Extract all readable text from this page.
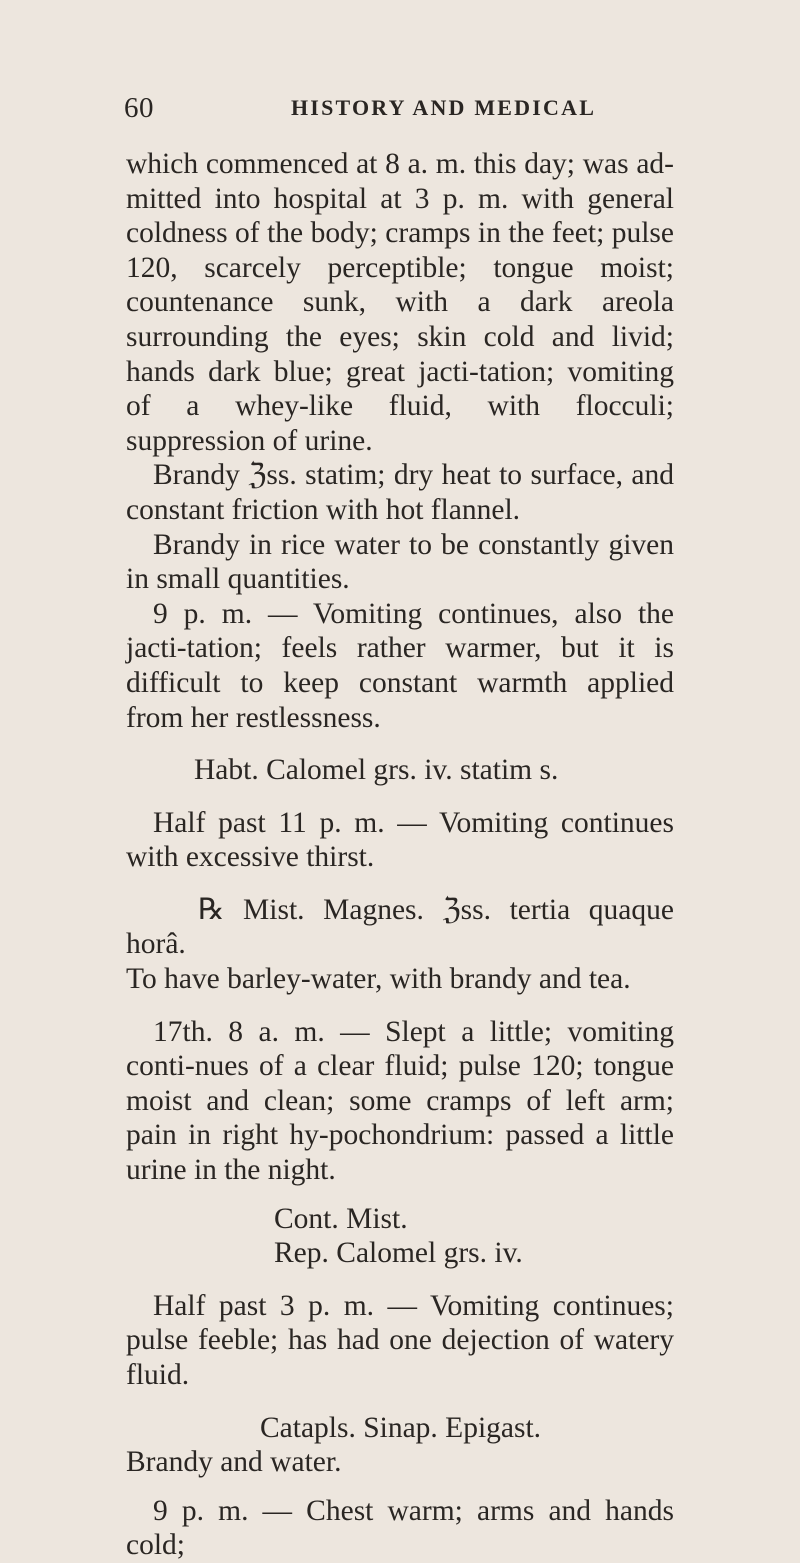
60	HISTORY AND MEDICAL

which commenced at 8 a. m. this day; was ad-mitted into hospital at 3 p. m. with general coldness of the body; cramps in the feet; pulse 120, scarcely perceptible; tongue moist; countenance sunk, with a dark areola surrounding the eyes; skin cold and livid; hands dark blue; great jacti-tation; vomiting of a whey-like fluid, with flocculi; suppression of urine.

Brandy ℨss. statim; dry heat to surface, and constant friction with hot flannel.

Brandy in rice water to be constantly given in small quantities.

9 p. m. — Vomiting continues, also the jacti-tation; feels rather warmer, but it is difficult to keep constant warmth applied from her restlessness.

Habt. Calomel grs. iv. statim s.

Half past 11 p. m. — Vomiting continues with excessive thirst.

℞ Mist. Magnes. ℨss. tertia quaque horâ.

To have barley-water, with brandy and tea.

17th. 8 a. m. — Slept a little; vomiting conti-nues of a clear fluid; pulse 120; tongue moist and clean; some cramps of left arm; pain in right hy-pochondrium: passed a little urine in the night.

Cont. Mist.

Rep. Calomel grs. iv.

Half past 3 p. m. — Vomiting continues; pulse feeble; has had one dejection of watery fluid.

Catapls. Sinap. Epigast.

Brandy and water.

9 p. m. — Chest warm; arms and hands cold;
